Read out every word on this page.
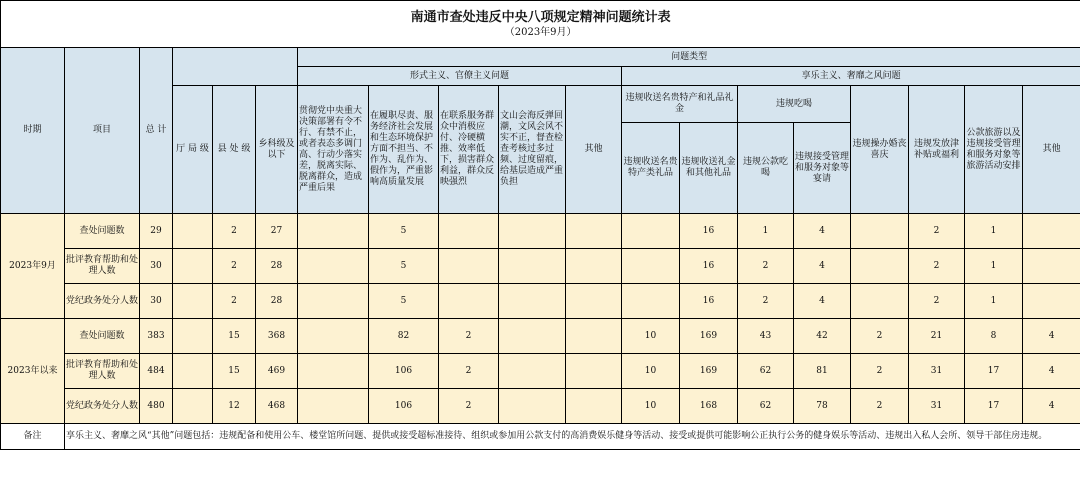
南通市查处违反中央八项规定精神问题统计表
（2023年9月）																		

时期	项目	总 计				问题类型												
						形式主义、官僚主义问题					享乐主义、奢靡之风问题							
			厅 局 级	县 处 级	乡科级及以下	贯彻党中央重大决策部署有令不行、有禁不止，或者表态多调门高、行动少落实差，脱离实际、脱离群众，造成严重后果	在履职尽责、服务经济社会发展和生态环境保护方面不担当、不作为、乱作为、假作为，严重影响高质量发展	在联系服务群众中消极应付、冷硬横推、效率低下，损害群众利益，群众反映强烈	文山会海反弹回潮，文风会风不实不正，督查检查考核过多过频、过度留痕，给基层造成严重负担	其他	违规收送名贵特产和礼品礼金		违规吃喝		违规操办婚丧喜庆	违规发放津补贴或福利	公款旅游以及违规接受管理和服务对象等旅游活动安排	其他
											违规收送名贵特产类礼品	违规收送礼金和其他礼品	违规公款吃喝	违规接受管理和服务对象等宴请				
2023年9月	查处问题数	29		2	27		5					16	1	4		2	1	
	批评教育帮助和处理人数	30		2	28		5					16	2	4		2	1	
	党纪政务处分人数	30		2	28		5					16	2	4		2	1	
2023年以来	查处问题数	383		15	368		82	2			10	169	43	42	2	21	8	4
	批评教育帮助和处理人数	484		15	469		106	2			10	169	62	81	2	31	17	4
	党纪政务处分人数	480		12	468		106	2			10	168	62	78	2	31	17	4
备注	享乐主义、奢靡之风“其他”问题包括：违规配备和使用公车、楼堂馆所问题、提供或接受超标准接待、组织或参加用公款支付的高消费娱乐健身等活动、接受或提供可能影响公正执行公务的健身娱乐等活动、违规出入私人会所、领导干部住房违规。																	
